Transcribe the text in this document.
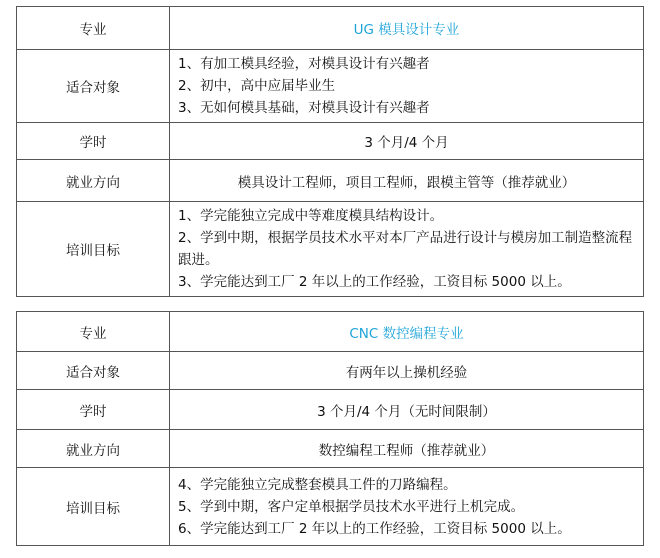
专业	UG 模具设计专业
适合对象	1、有加工模具经验，对模具设计有兴趣者
2、初中，高中应届毕业生
3、无如何模具基础，对模具设计有兴趣者

学时	3 个月/4 个月
就业方向	模具设计工程师，项目工程师，跟模主管等（推荐就业）
培训目标	1、学完能独立完成中等难度模具结构设计。
2、学到中期，根据学员技术水平对本厂产品进行设计与模房加工制造整流程跟进。
3、学完能达到工厂 2 年以上的工作经验，工资目标 5000 以上。
专业	CNC 数控编程专业
适合对象	有两年以上操机经验
学时	3 个月/4 个月（无时间限制）
就业方向	数控编程工程师（推荐就业）
培训目标	4、学完能独立完成整套模具工件的刀路编程。
5、学到中期，客户定单根据学员技术水平进行上机完成。
6、学完能达到工厂 2 年以上的工作经验，工资目标 5000 以上。
